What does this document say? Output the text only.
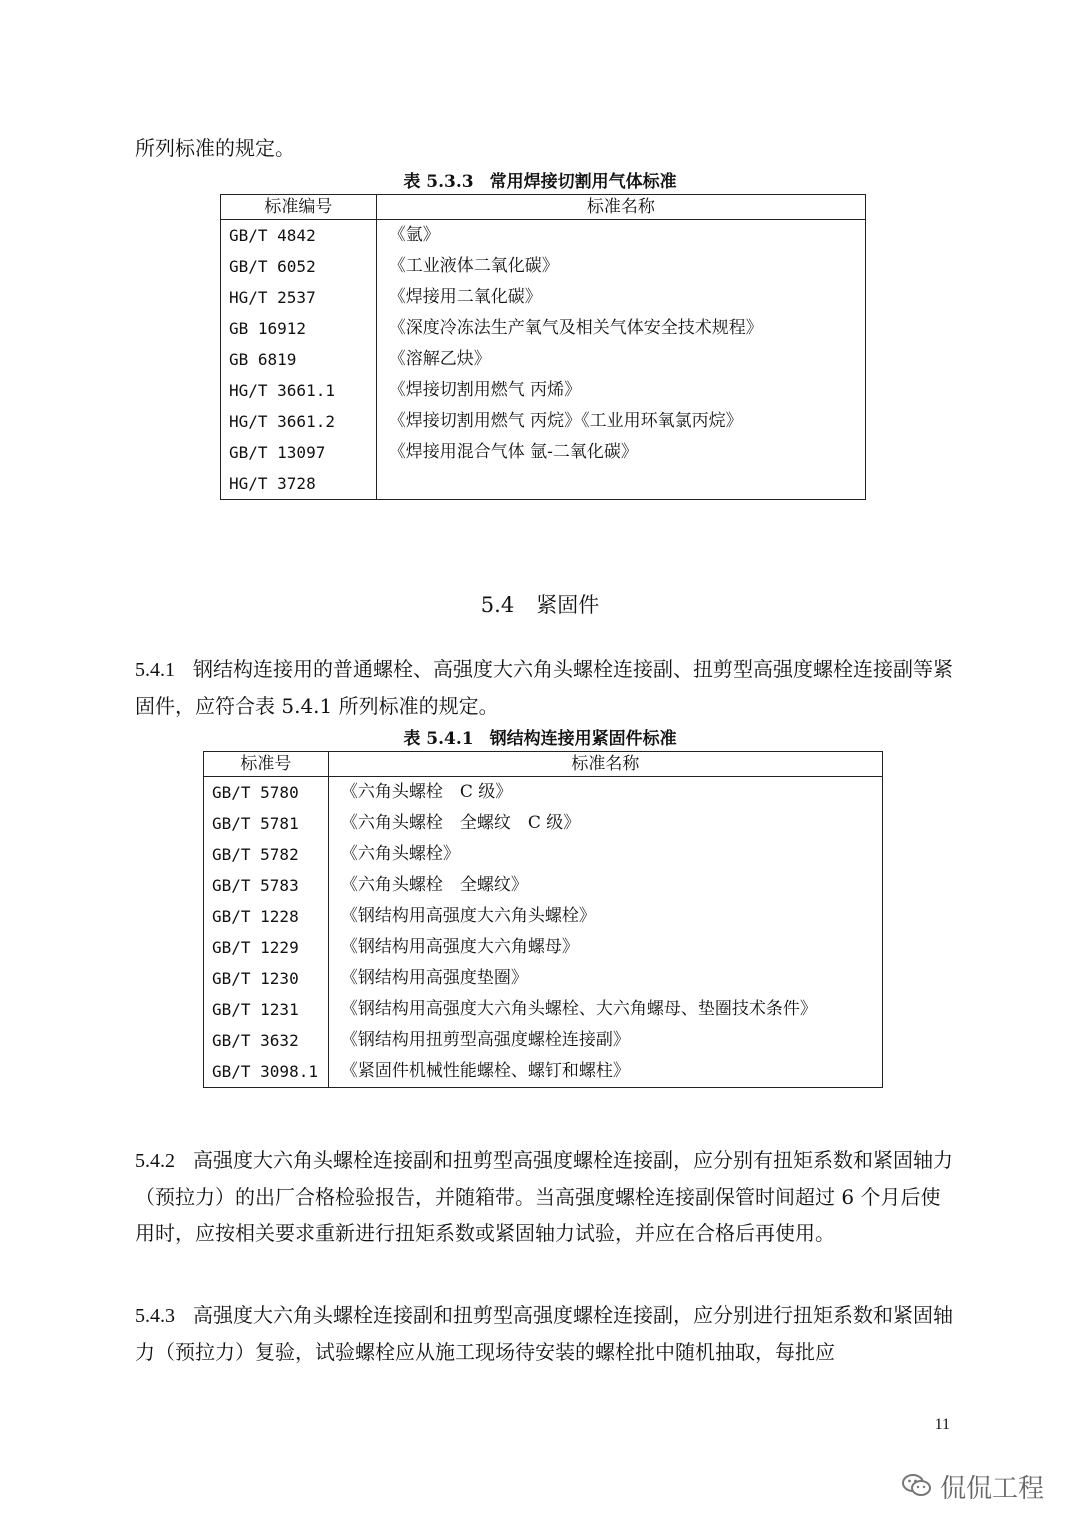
所列标准的规定。

表 5.3.3 常用焊接切割用气体标准
标准编号	标准名称
GB/T 4842	《氩》
GB/T 6052	《工业液体二氧化碳》
HG/T 2537	《焊接用二氧化碳》
GB 16912	《深度冷冻法生产氧气及相关气体安全技术规程》
GB 6819	《溶解乙炔》
HG/T 3661.1	《焊接切割用燃气 丙烯》
HG/T 3661.2	《焊接切割用燃气 丙烷》《工业用环氧氯丙烷》
GB/T 13097	《焊接用混合气体 氩-二氧化碳》
HG/T 3728	
5.4 紧固件

5.4.1 钢结构连接用的普通螺栓、高强度大六角头螺栓连接副、扭剪型高强度螺栓连接副等紧固件，应符合表 5.4.1 所列标准的规定。

表 5.4.1 钢结构连接用紧固件标准
标准号	标准名称
GB/T 5780	《六角头螺栓　C 级》
GB/T 5781	《六角头螺栓　全螺纹　C 级》
GB/T 5782	《六角头螺栓》
GB/T 5783	《六角头螺栓　全螺纹》
GB/T 1228	《钢结构用高强度大六角头螺栓》
GB/T 1229	《钢结构用高强度大六角螺母》
GB/T 1230	《钢结构用高强度垫圈》
GB/T 1231	《钢结构用高强度大六角头螺栓、大六角螺母、垫圈技术条件》
GB/T 3632	《钢结构用扭剪型高强度螺栓连接副》
GB/T 3098.1	《紧固件机械性能螺栓、螺钉和螺柱》

5.4.2 高强度大六角头螺栓连接副和扭剪型高强度螺栓连接副，应分别有扭矩系数和紧固轴力（预拉力）的出厂合格检验报告，并随箱带。当高强度螺栓连接副保管时间超过 6 个月后使用时，应按相关要求重新进行扭矩系数或紧固轴力试验，并应在合格后再使用。

5.4.3 高强度大六角头螺栓连接副和扭剪型高强度螺栓连接副，应分别进行扭矩系数和紧固轴力（预拉力）复验，试验螺栓应从施工现场待安装的螺栓批中随机抽取，每批应

11
侃侃工程
